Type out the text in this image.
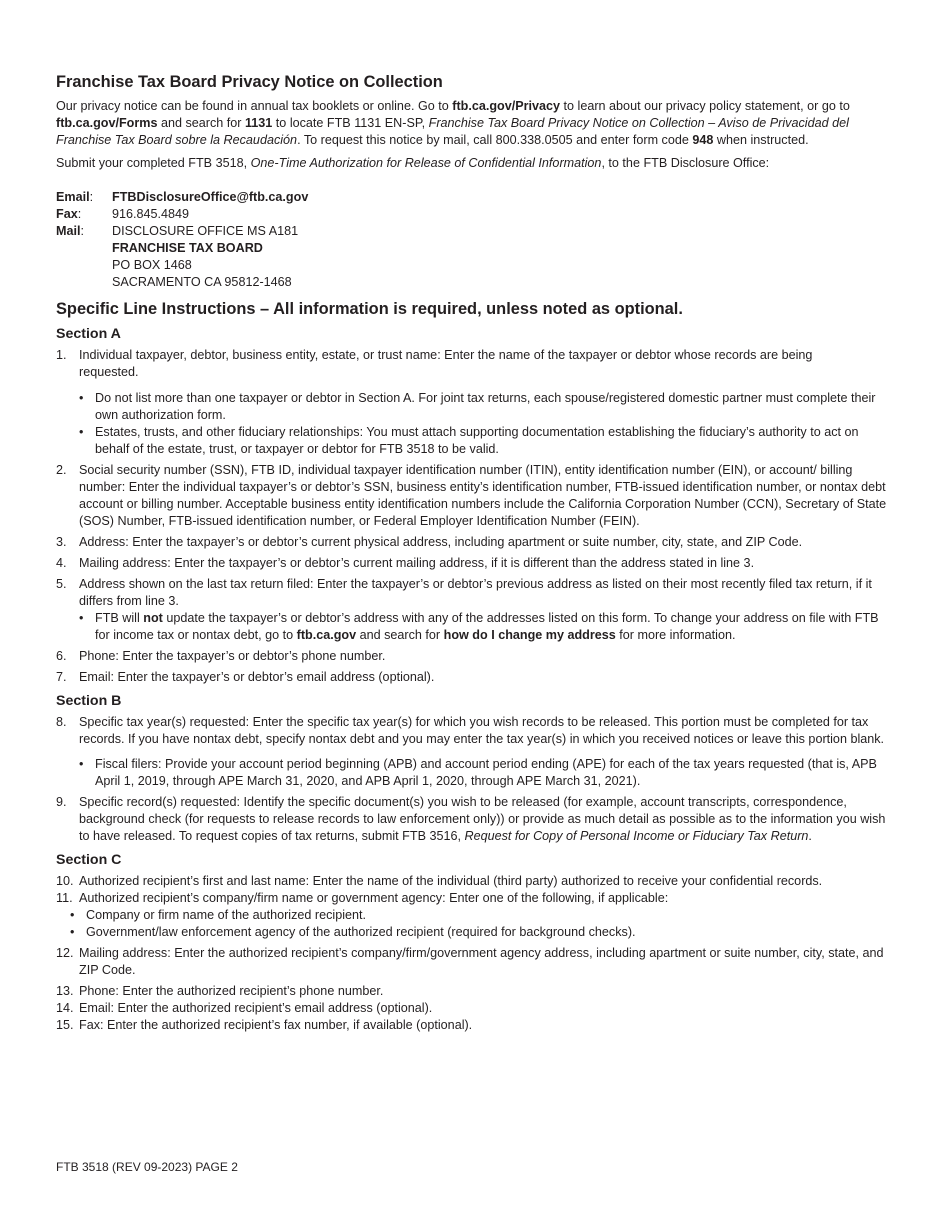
Franchise Tax Board Privacy Notice on Collection

Our privacy notice can be found in annual tax booklets or online. Go to ftb.ca.gov/Privacy to learn about our privacy policy statement, or go to ftb.ca.gov/Forms and search for 1131 to locate FTB 1131 EN-SP, Franchise Tax Board Privacy Notice on Collection – Aviso de Privacidad del Franchise Tax Board sobre la Recaudación. To request this notice by mail, call 800.338.0505 and enter form code 948 when instructed.

Submit your completed FTB 3518, One-Time Authorization for Release of Confidential Information, to the FTB Disclosure Office:

Email:	FTBDisclosureOffice@ftb.ca.gov
Fax:	916.845.4849
Mail:	DISCLOSURE OFFICE MS A181
FRANCHISE TAX BOARD
PO BOX 1468
SACRAMENTO CA 95812-1468
Specific Line Instructions – All information is required, unless noted as optional.
Section A
1. Individual taxpayer, debtor, business entity, estate, or trust name: Enter the name of the taxpayer or debtor whose records are being requested.
• Do not list more than one taxpayer or debtor in Section A. For joint tax returns, each spouse/registered domestic partner must complete their own authorization form.
• Estates, trusts, and other fiduciary relationships: You must attach supporting documentation establishing the fiduciary’s authority to act on behalf of the estate, trust, or taxpayer or debtor for FTB 3518 to be valid.
2. Social security number (SSN), FTB ID, individual taxpayer identification number (ITIN), entity identification number (EIN), or account/ billing number: Enter the individual taxpayer’s or debtor’s SSN, business entity’s identification number, FTB-issued identification number, or nontax debt account or billing number. Acceptable business entity identification numbers include the California Corporation Number (CCN), Secretary of State (SOS) Number, FTB-issued identification number, or Federal Employer Identification Number (FEIN).
3. Address: Enter the taxpayer’s or debtor’s current physical address, including apartment or suite number, city, state, and ZIP Code.
4. Mailing address: Enter the taxpayer’s or debtor’s current mailing address, if it is different than the address stated in line 3.
5. Address shown on the last tax return filed: Enter the taxpayer’s or debtor’s previous address as listed on their most recently filed tax return, if it differs from line 3.
• FTB will not update the taxpayer’s or debtor’s address with any of the addresses listed on this form. To change your address on file with FTB for income tax or nontax debt, go to ftb.ca.gov and search for how do I change my address for more information.
6. Phone: Enter the taxpayer’s or debtor’s phone number.
7. Email: Enter the taxpayer’s or debtor’s email address (optional).
Section B
8. Specific tax year(s) requested: Enter the specific tax year(s) for which you wish records to be released. This portion must be completed for tax records. If you have nontax debt, specify nontax debt and you may enter the tax year(s) in which you received notices or leave this portion blank.
• Fiscal filers: Provide your account period beginning (APB) and account period ending (APE) for each of the tax years requested (that is, APB April 1, 2019, through APE March 31, 2020, and APB April 1, 2020, through APE March 31, 2021).
9. Specific record(s) requested: Identify the specific document(s) you wish to be released (for example, account transcripts, correspondence, background check (for requests to release records to law enforcement only)) or provide as much detail as possible as to the information you wish to have released. To request copies of tax returns, submit FTB 3516, Request for Copy of Personal Income or Fiduciary Tax Return.
Section C
10. Authorized recipient’s first and last name: Enter the name of the individual (third party) authorized to receive your confidential records.
11. Authorized recipient’s company/firm name or government agency: Enter one of the following, if applicable:
• Company or firm name of the authorized recipient.
• Government/law enforcement agency of the authorized recipient (required for background checks).
12. Mailing address: Enter the authorized recipient’s company/firm/government agency address, including apartment or suite number, city, state, and ZIP Code.
13. Phone: Enter the authorized recipient’s phone number.
14. Email: Enter the authorized recipient’s email address (optional).
15. Fax: Enter the authorized recipient’s fax number, if available (optional).
FTB 3518 (REV 09-2023) PAGE 2
